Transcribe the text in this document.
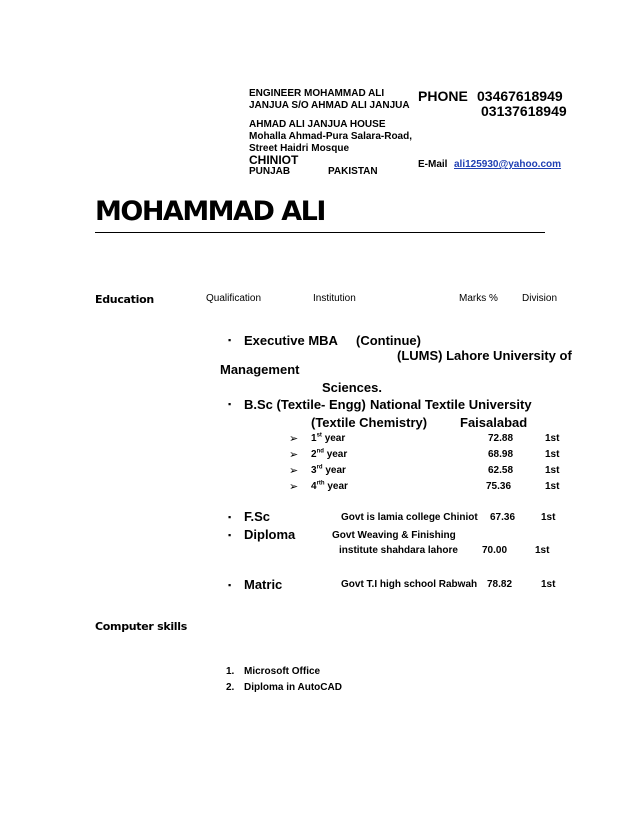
ENGINEER MOHAMMAD ALI
JANJUA S/O AHMAD ALI JANJUA
AHMAD ALI JANJUA HOUSE
Mohalla Ahmad-Pura Salara-Road,
Street Haidri Mosque
CHINIOT
PUNJAB	PAKISTAN
PHONE 03467618949
03137618949
E-Mail ali125930@yahoo.com
MOHAMMAD ALI
Education	Qualification	Institution	Marks % Division
▪ Executive MBA (Continue)
(LUMS) Lahore University of
Management
Sciences.
▪ B.Sc (Textile- Engg) National Textile University
(Textile Chemistry)	Faisalabad
➢ 1st year	72.88	1st
➢ 2nd year	68.98	1st
➢ 3rd year	62.58	1st
➢ $4^{rth}$ year	75.36	1st
▪ F.Sc	Govt is lamia college Chiniot 67.36	1st
▪ Diploma	Govt Weaving & Finishing
institute shahdara lahore 70.00	1st
▪ Matric	Govt T.I high school Rabwah 78.82	1st
Computer skills
1. Microsoft Office
2. Diploma in AutoCAD
